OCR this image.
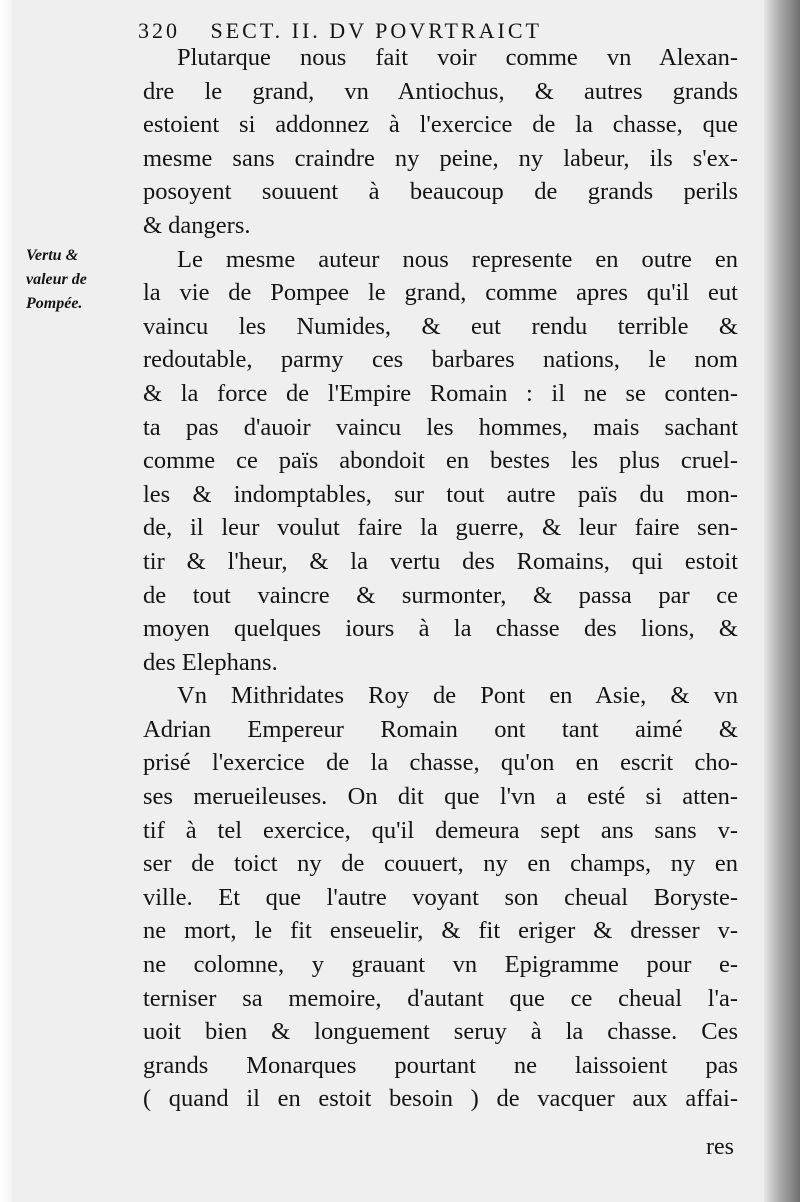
320 SECT. II. DV POVRTRAICT
Vertu &
valeur de
Pompée.
Plutarque nous fait voir comme vn Alexan-
dre le grand, vn Antiochus, & autres grands
estoient si addonnez à l'exercice de la chasse, que
mesme sans craindre ny peine, ny labeur, ils s'ex-
posoyent souuent à beaucoup de grands perils
& dangers.
Le mesme auteur nous represente en outre en
la vie de Pompee le grand, comme apres qu'il eut
vaincu les Numides, & eut rendu terrible &
redoutable, parmy ces barbares nations, le nom
& la force de l'Empire Romain : il ne se conten-
ta pas d'auoir vaincu les hommes, mais sachant
comme ce païs abondoit en bestes les plus cruel-
les & indomptables, sur tout autre païs du mon-
de, il leur voulut faire la guerre, & leur faire sen-
tir & l'heur, & la vertu des Romains, qui estoit
de tout vaincre & surmonter, & passa par ce
moyen quelques iours à la chasse des lions, &
des Elephans.
Vn Mithridates Roy de Pont en Asie, & vn
Adrian Empereur Romain ont tant aimé &
prisé l'exercice de la chasse, qu'on en escrit cho-
ses merueileuses. On dit que l'vn a esté si atten-
tif à tel exercice, qu'il demeura sept ans sans v-
ser de toict ny de couuert, ny en champs, ny en
ville. Et que l'autre voyant son cheual Boryste-
ne mort, le fit enseuelir, & fit eriger & dresser v-
ne colomne, y grauant vn Epigramme pour e-
terniser sa memoire, d'autant que ce cheual l'a-
uoit bien & longuement seruy à la chasse. Ces
grands Monarques pourtant ne laissoient pas
( quand il en estoit besoin ) de vacquer aux affai-
res
